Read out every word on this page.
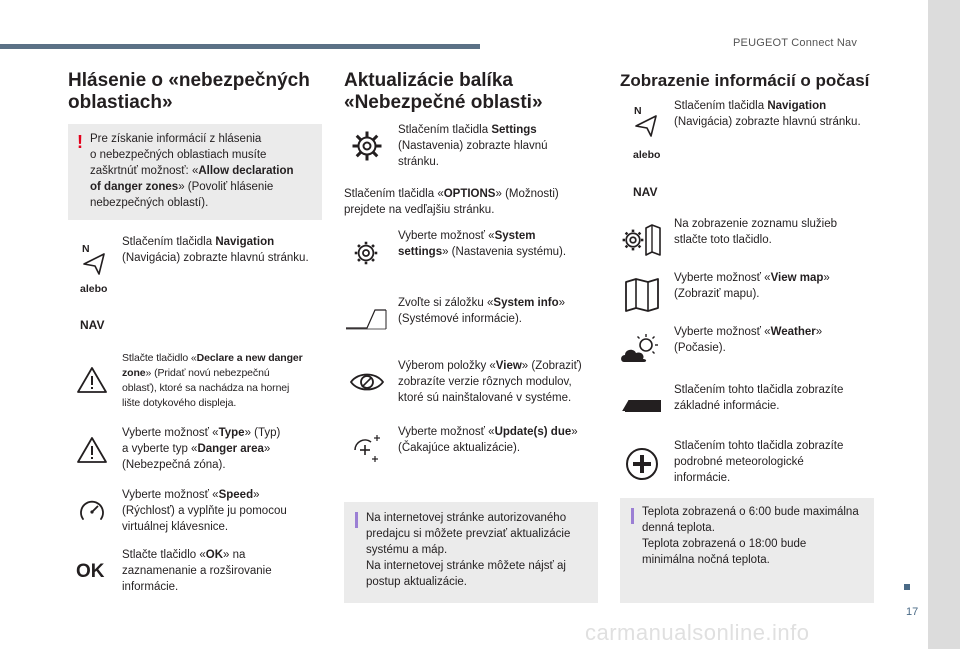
PEUGEOT Connect Nav
17
carmanualsonline.info
Hlásenie o «nebezpečných
oblastiach»
! Pre získanie informácií z hlásenia
o nebezpečných oblastiach musíte
zaškrtnúť možnosť: «Allow declaration
of danger zones» (Povoliť hlásenie
nebezpečných oblastí).
N
alebo
NAV
Stlačením tlačidla Navigation
(Navigácia) zobrazte hlavnú stránku.
Stlačte tlačidlo «Declare a new danger
zone» (Pridať novú nebezpečnú
oblasť), ktoré sa nachádza na hornej
lište dotykového displeja.
Vyberte možnosť «Type» (Typ)
a vyberte typ «Danger area»
(Nebezpečná zóna).
Vyberte možnosť «Speed»
(Rýchlosť) a vyplňte ju pomocou
virtuálnej klávesnice.
OK
Stlačte tlačidlo «OK» na
zaznamenanie a rozširovanie
informácie.
Aktualizácie balíka
«Nebezpečné oblasti»
Stlačením tlačidla Settings
(Nastavenia) zobrazte hlavnú
stránku.
Stlačením tlačidla «OPTIONS» (Možnosti)
prejdete na vedľajšiu stránku.
Vyberte možnosť «System
settings» (Nastavenia systému).
Zvoľte si záložku «System info»
(Systémové informácie).
Výberom položky «View» (Zobraziť)
zobrazíte verzie rôznych modulov,
ktoré sú nainštalované v systéme.
Vyberte možnosť «Update(s) due»
(Čakajúce aktualizácie).
Na internetovej stránke autorizovaného
predajcu si môžete prevziať aktualizácie
systému a máp.
Na internetovej stránke môžete nájsť aj
postup aktualizácie.
Zobrazenie informácií o počasí
N
alebo
NAV
Stlačením tlačidla Navigation
(Navigácia) zobrazte hlavnú stránku.
Na zobrazenie zoznamu služieb
stlačte toto tlačidlo.
Vyberte možnosť «View map»
(Zobraziť mapu).
Vyberte možnosť «Weather»
(Počasie).
Stlačením tohto tlačidla zobrazíte
základné informácie.
Stlačením tohto tlačidla zobrazíte
podrobné meteorologické
informácie.
Teplota zobrazená o 6:00 bude maximálna
denná teplota.
Teplota zobrazená o 18:00 bude
minimálna nočná teplota.
